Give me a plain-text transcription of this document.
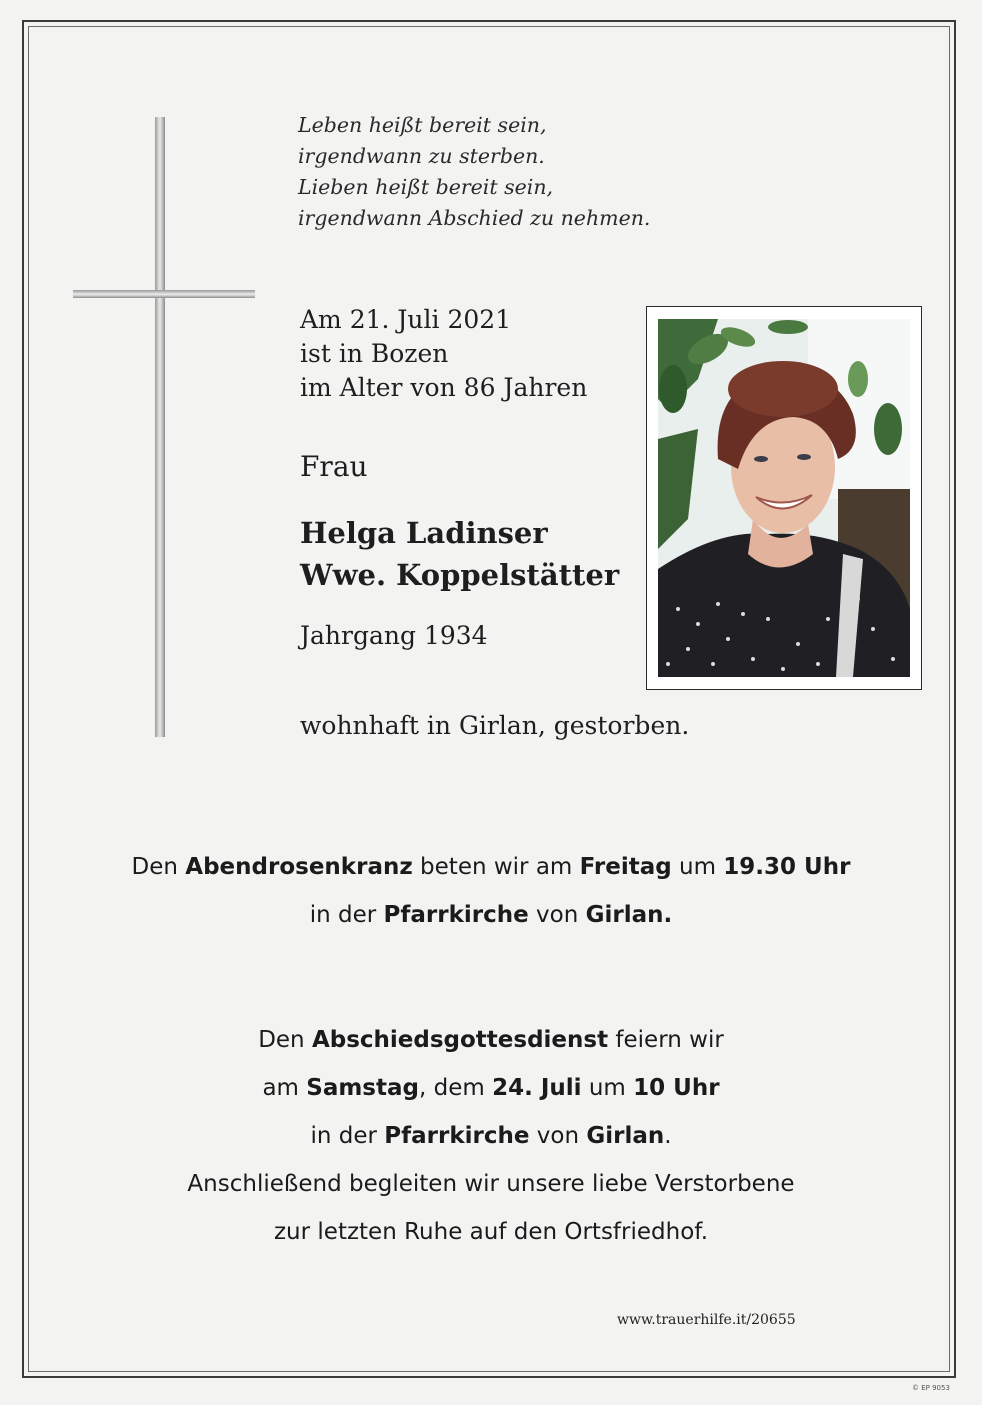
Leben heißt bereit sein,
irgendwann zu sterben.
Lieben heißt bereit sein,
irgendwann Abschied zu nehmen.
Am 21. Juli 2021
ist in Bozen
im Alter von 86 Jahren
Frau
Helga Ladinser
Wwe. Koppelstätter
Jahrgang 1934
wohnhaft in Girlan, gestorben.
Den Abendrosenkranz beten wir am Freitag um 19.30 Uhr
in der Pfarrkirche von Girlan.
Den Abschiedsgottesdienst feiern wir
am Samstag, dem 24. Juli um 10 Uhr
in der Pfarrkirche von Girlan.
Anschließend begleiten wir unsere liebe Verstorbene
zur letzten Ruhe auf den Ortsfriedhof.
www.trauerhilfe.it/20655
© EP 9053
